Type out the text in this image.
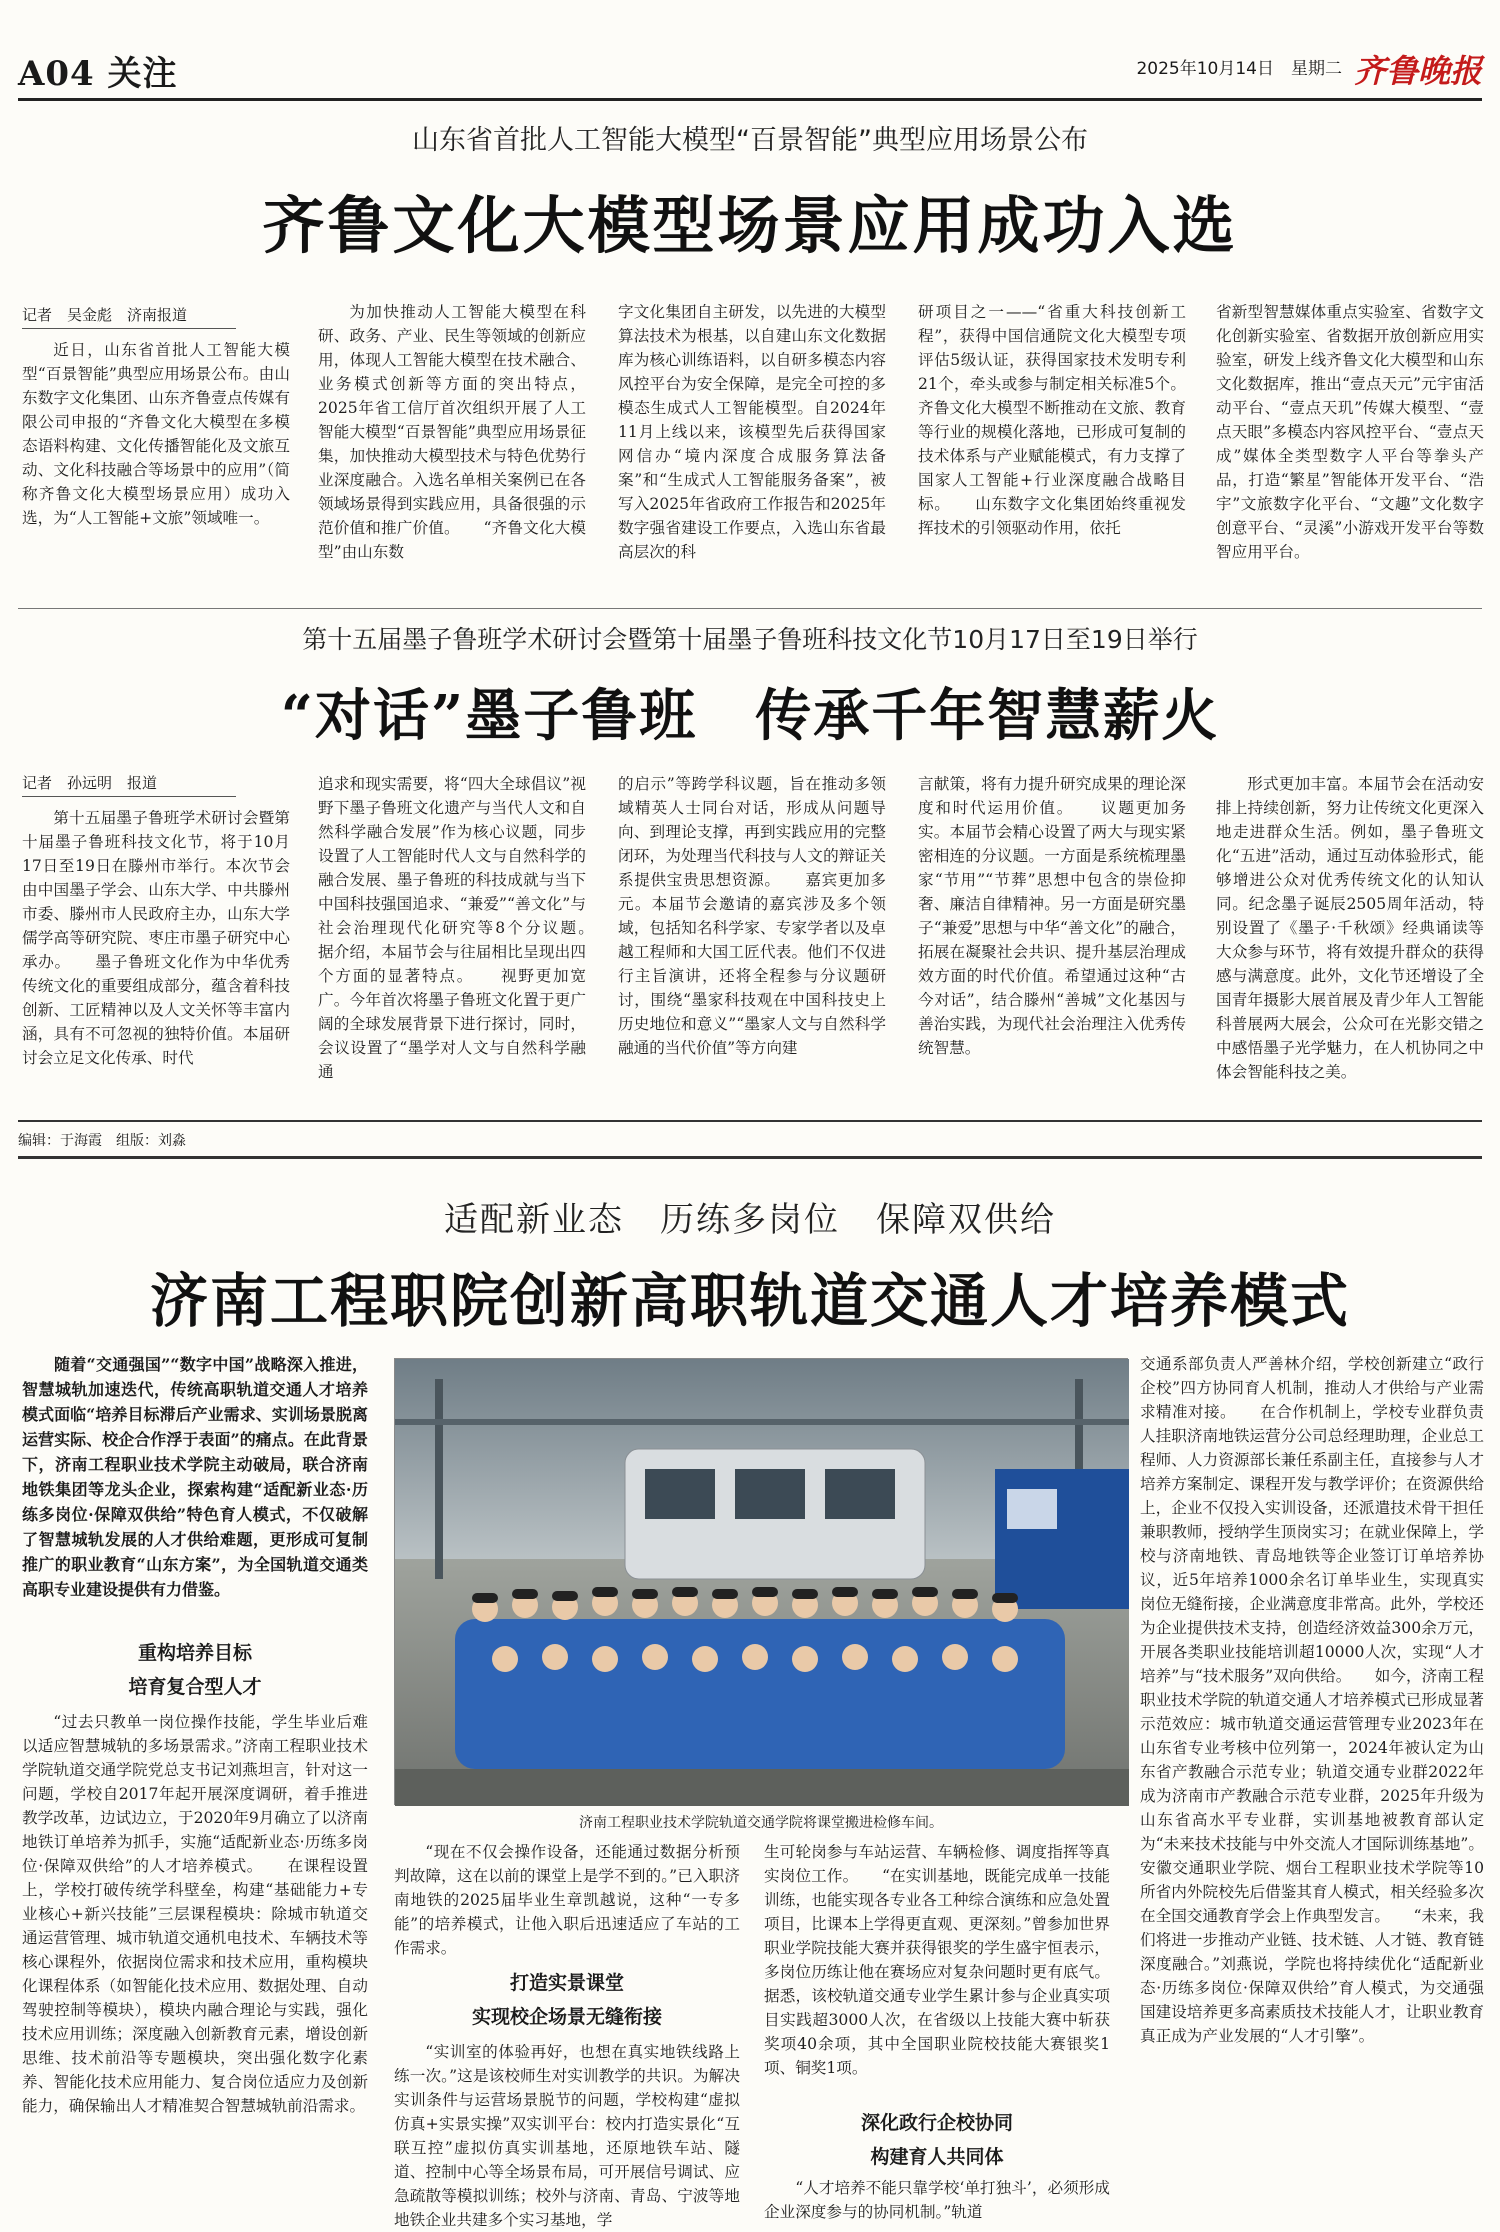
A04 关注	2025年10月14日　星期二 齐鲁晚报
山东省首批人工智能大模型“百景智能”典型应用场景公布
齐鲁文化大模型场景应用成功入选
记者　吴金彪　济南报道
近日，山东省首批人工智能大模型“百景智能”典型应用场景公布。由山东数字文化集团、山东齐鲁壹点传媒有限公司申报的“齐鲁文化大模型在多模态语料构建、文化传播智能化及文旅互动、文化科技融合等场景中的应用”（简称齐鲁文化大模型场景应用）成功入选，为“人工智能+文旅”领域唯一。
为加快推动人工智能大模型在科研、政务、产业、民生等领域的创新应用，体现人工智能大模型在技术融合、业务模式创新等方面的突出特点，2025年省工信厅首次组织开展了人工智能大模型“百景智能”典型应用场景征集，加快推动大模型技术与特色优势行业深度融合。入选名单相关案例已在各领域场景得到实践应用，具备很强的示范价值和推广价值。　　“齐鲁文化大模型”由山东数
字文化集团自主研发，以先进的大模型算法技术为根基，以自建山东文化数据库为核心训练语料，以自研多模态内容风控平台为安全保障，是完全可控的多模态生成式人工智能模型。自2024年11月上线以来，该模型先后获得国家网信办“境内深度合成服务算法备案”和“生成式人工智能服务备案”，被写入2025年省政府工作报告和2025年数字强省建设工作要点，入选山东省最高层次的科
研项目之一——“省重大科技创新工程”，获得中国信通院文化大模型专项评估5级认证，获得国家技术发明专利21个，牵头或参与制定相关标准5个。齐鲁文化大模型不断推动在文旅、教育等行业的规模化落地，已形成可复制的技术体系与产业赋能模式，有力支撑了国家人工智能+行业深度融合战略目标。　　山东数字文化集团始终重视发挥技术的引领驱动作用，依托
省新型智慧媒体重点实验室、省数字文化创新实验室、省数据开放创新应用实验室，研发上线齐鲁文化大模型和山东文化数据库，推出“壹点天元”元宇宙活动平台、“壹点天玑”传媒大模型、“壹点天眼”多模态内容风控平台、“壹点天成”媒体全类型数字人平台等拳头产品，打造“繁星”智能体开发平台、“浩宇”文旅数字化平台、“文趣”文化数字创意平台、“灵溪”小游戏开发平台等数智应用平台。
第十五届墨子鲁班学术研讨会暨第十届墨子鲁班科技文化节10月17日至19日举行
“对话”墨子鲁班　传承千年智慧薪火
记者　孙远明　报道
第十五届墨子鲁班学术研讨会暨第十届墨子鲁班科技文化节，将于10月17日至19日在滕州市举行。本次节会由中国墨子学会、山东大学、中共滕州市委、滕州市人民政府主办，山东大学儒学高等研究院、枣庄市墨子研究中心承办。　　墨子鲁班文化作为中华优秀传统文化的重要组成部分，蕴含着科技创新、工匠精神以及人文关怀等丰富内涵，具有不可忽视的独特价值。本届研讨会立足文化传承、时代
追求和现实需要，将“四大全球倡议”视野下墨子鲁班文化遗产与当代人文和自然科学融合发展”作为核心议题，同步设置了人工智能时代人文与自然科学的融合发展、墨子鲁班的科技成就与当下中国科技强国追求、“兼爱”“善文化”与社会治理现代化研究等8个分议题。　　据介绍，本届节会与往届相比呈现出四个方面的显著特点。　　视野更加宽广。今年首次将墨子鲁班文化置于更广阔的全球发展背景下进行探讨，同时，会议设置了“墨学对人文与自然科学融通
的启示”等跨学科议题，旨在推动多领域精英人士同台对话，形成从问题导向、到理论支撑，再到实践应用的完整闭环，为处理当代科技与人文的辩证关系提供宝贵思想资源。　　嘉宾更加多元。本届节会邀请的嘉宾涉及多个领域，包括知名科学家、专家学者以及卓越工程师和大国工匠代表。他们不仅进行主旨演讲，还将全程参与分议题研讨，围绕“墨家科技观在中国科技史上历史地位和意义”“墨家人文与自然科学融通的当代价值”等方向建
言献策，将有力提升研究成果的理论深度和时代运用价值。　　议题更加务实。本届节会精心设置了两大与现实紧密相连的分议题。一方面是系统梳理墨家“节用”“节葬”思想中包含的崇俭抑奢、廉洁自律精神。另一方面是研究墨子“兼爱”思想与中华“善文化”的融合，拓展在凝聚社会共识、提升基层治理成效方面的时代价值。希望通过这种“古今对话”，结合滕州“善城”文化基因与善治实践，为现代社会治理注入优秀传统智慧。
形式更加丰富。本届节会在活动安排上持续创新，努力让传统文化更深入地走进群众生活。例如，墨子鲁班文化“五进”活动，通过互动体验形式，能够增进公众对优秀传统文化的认知认同。纪念墨子诞辰2505周年活动，特别设置了《墨子·千秋颂》经典诵读等大众参与环节，将有效提升群众的获得感与满意度。此外，文化节还增设了全国青年摄影大展首展及青少年人工智能科普展两大展会，公众可在光影交错之中感悟墨子光学魅力，在人机协同之中体会智能科技之美。
编辑：于海霞　组版：刘淼
适配新业态　历练多岗位　保障双供给
济南工程职院创新高职轨道交通人才培养模式
随着“交通强国”“数字中国”战略深入推进，智慧城轨加速迭代，传统高职轨道交通人才培养模式面临“培养目标滞后产业需求、实训场景脱离运营实际、校企合作浮于表面”的痛点。在此背景下，济南工程职业技术学院主动破局，联合济南地铁集团等龙头企业，探索构建“适配新业态·历练多岗位·保障双供给”特色育人模式，不仅破解了智慧城轨发展的人才供给难题，更形成可复制推广的职业教育“山东方案”，为全国轨道交通类高职专业建设提供有力借鉴。
重构培养目标
培育复合型人才
“过去只教单一岗位操作技能，学生毕业后难以适应智慧城轨的多场景需求。”济南工程职业技术学院轨道交通学院党总支书记刘燕坦言，针对这一问题，学校自2017年起开展深度调研，着手推进教学改革，边试边立，于2020年9月确立了以济南地铁订单培养为抓手，实施“适配新业态·历练多岗位·保障双供给”的人才培养模式。　　在课程设置上，学校打破传统学科壁垒，构建“基础能力+专业核心+新兴技能”三层课程模块：除城市轨道交通运营管理、城市轨道交通机电技术、车辆技术等核心课程外，依据岗位需求和技术应用，重构模块化课程体系（如智能化技术应用、数据处理、自动驾驶控制等模块），模块内融合理论与实践，强化技术应用训练；深度融入创新教育元素，增设创新思维、技术前沿等专题模块，突出强化数字化素养、智能化技术应用能力、复合岗位适应力及创新能力，确保输出人才精准契合智慧城轨前沿需求。
济南工程职业技术学院轨道交通学院将课堂搬进检修车间。
“现在不仅会操作设备，还能通过数据分析预判故障，这在以前的课堂上是学不到的。”已入职济南地铁的2025届毕业生章凯越说，这种“一专多能”的培养模式，让他入职后迅速适应了车站的工作需求。
打造实景课堂
实现校企场景无缝衔接
“实训室的体验再好，也想在真实地铁线路上练一次。”这是该校师生对实训教学的共识。为解决实训条件与运营场景脱节的问题，学校构建“虚拟仿真+实景实操”双实训平台：校内打造实景化“互联互控”虚拟仿真实训基地，还原地铁车站、隧道、控制中心等全场景布局，可开展信号调试、应急疏散等模拟训练；校外与济南、青岛、宁波等地地铁企业共建多个实习基地，学
生可轮岗参与车站运营、车辆检修、调度指挥等真实岗位工作。　　“在实训基地，既能完成单一技能训练，也能实现各专业各工种综合演练和应急处置项目，比课本上学得更直观、更深刻。”曾参加世界职业学院技能大赛并获得银奖的学生盛宇恒表示，多岗位历练让他在赛场应对复杂问题时更有底气。据悉，该校轨道交通专业学生累计参与企业真实项目实践超3000人次，在省级以上技能大赛中斩获奖项40余项，其中全国职业院校技能大赛银奖1项、铜奖1项。
深化政行企校协同
构建育人共同体
“人才培养不能只靠学校‘单打独斗’，必须形成企业深度参与的协同机制。”轨道
交通系部负责人严善林介绍，学校创新建立“政行企校”四方协同育人机制，推动人才供给与产业需求精准对接。　　在合作机制上，学校专业群负责人挂职济南地铁运营分公司总经理助理，企业总工程师、人力资源部长兼任系副主任，直接参与人才培养方案制定、课程开发与教学评价；在资源供给上，企业不仅投入实训设备，还派遣技术骨干担任兼职教师，授纳学生顶岗实习；在就业保障上，学校与济南地铁、青岛地铁等企业签订订单培养协议，近5年培养1000余名订单毕业生，实现真实岗位无缝衔接，企业满意度非常高。此外，学校还为企业提供技术支持，创造经济效益300余万元，开展各类职业技能培训超10000人次，实现“人才培养”与“技术服务”双向供给。　　如今，济南工程职业技术学院的轨道交通人才培养模式已形成显著示范效应：城市轨道交通运营管理专业2023年在山东省专业考核中位列第一，2024年被认定为山东省产教融合示范专业；轨道交通专业群2022年成为济南市产教融合示范专业群，2025年升级为山东省高水平专业群，实训基地被教育部认定为“未来技术技能与中外交流人才国际训练基地”。安徽交通职业学院、烟台工程职业技术学院等10所省内外院校先后借鉴其育人模式，相关经验多次在全国交通教育学会上作典型发言。　　“未来，我们将进一步推动产业链、技术链、人才链、教育链深度融合。”刘燕说，学院也将持续优化“适配新业态·历练多岗位·保障双供给”育人模式，为交通强国建设培养更多高素质技术技能人才，让职业教育真正成为产业发展的“人才引擎”。
